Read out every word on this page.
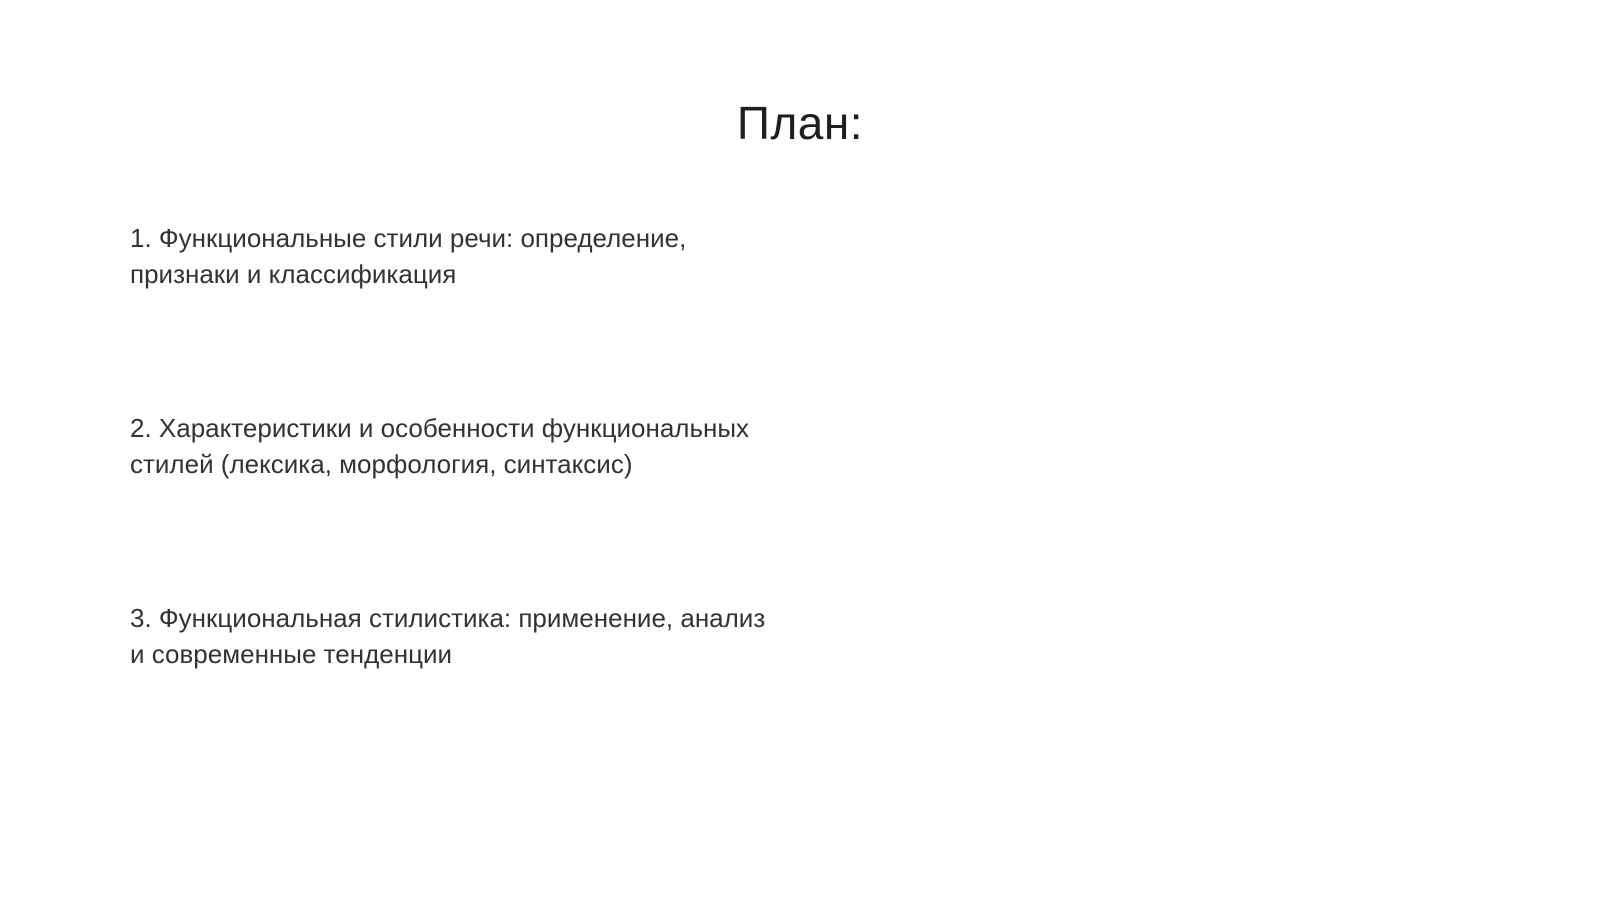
План:

1. Функциональные стили речи: определение,
признаки и классификация

2. Характеристики и особенности функциональных
стилей (лексика, морфология, синтаксис)

3. Функциональная стилистика: применение, анализ
и современные тенденции
